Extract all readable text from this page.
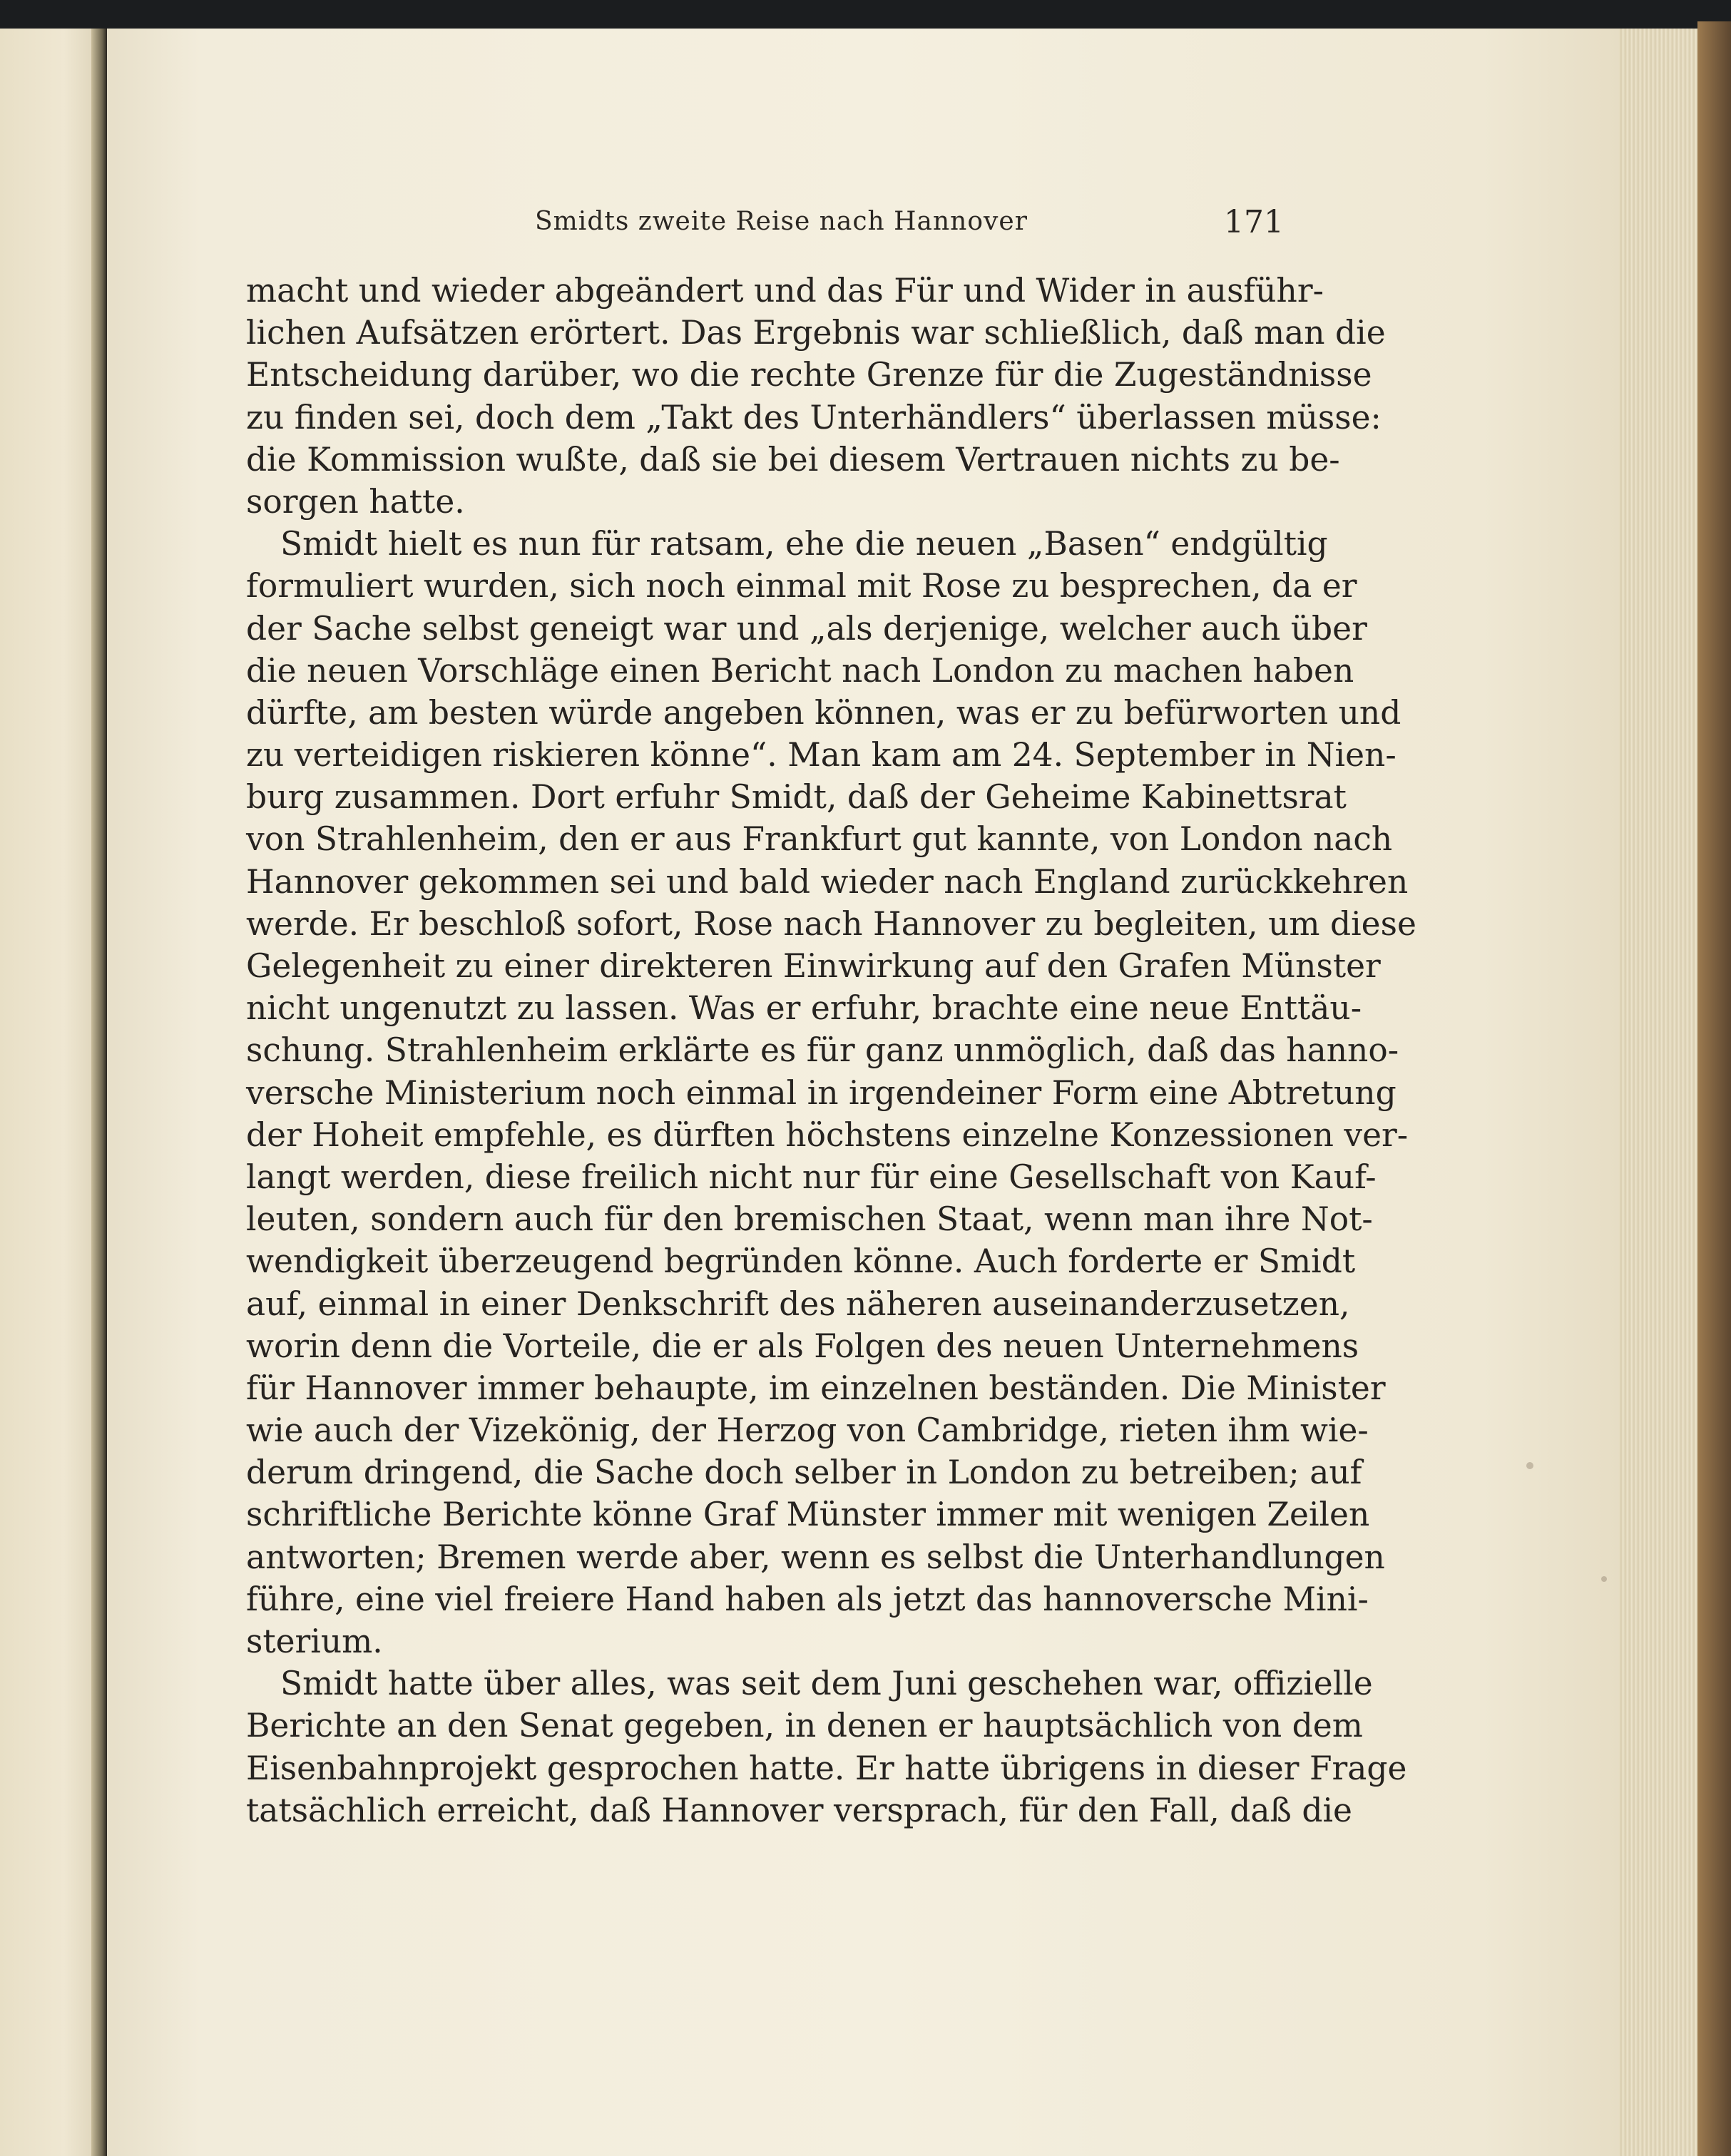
Smidts zweite Reise nach Hannover	171
macht und wieder abgeändert und das Für und Wider in ausführ-
lichen Aufsätzen erörtert. Das Ergebnis war schließlich, daß man die
Entscheidung darüber, wo die rechte Grenze für die Zugeständnisse
zu finden sei, doch dem „Takt des Unterhändlers“ überlassen müsse:
die Kommission wußte, daß sie bei diesem Vertrauen nichts zu be-
sorgen hatte.
Smidt hielt es nun für ratsam, ehe die neuen „Basen“ endgültig
formuliert wurden, sich noch einmal mit Rose zu besprechen, da er
der Sache selbst geneigt war und „als derjenige, welcher auch über
die neuen Vorschläge einen Bericht nach London zu machen haben
dürfte, am besten würde angeben können, was er zu befürworten und
zu verteidigen riskieren könne“. Man kam am 24. September in Nien-
burg zusammen. Dort erfuhr Smidt, daß der Geheime Kabinettsrat
von Strahlenheim, den er aus Frankfurt gut kannte, von London nach
Hannover gekommen sei und bald wieder nach England zurückkehren
werde. Er beschloß sofort, Rose nach Hannover zu begleiten, um diese
Gelegenheit zu einer direkteren Einwirkung auf den Grafen Münster
nicht ungenutzt zu lassen. Was er erfuhr, brachte eine neue Enttäu-
schung. Strahlenheim erklärte es für ganz unmöglich, daß das hanno-
versche Ministerium noch einmal in irgendeiner Form eine Abtretung
der Hoheit empfehle, es dürften höchstens einzelne Konzessionen ver-
langt werden, diese freilich nicht nur für eine Gesellschaft von Kauf-
leuten, sondern auch für den bremischen Staat, wenn man ihre Not-
wendigkeit überzeugend begründen könne. Auch forderte er Smidt
auf, einmal in einer Denkschrift des näheren auseinanderzusetzen,
worin denn die Vorteile, die er als Folgen des neuen Unternehmens
für Hannover immer behaupte, im einzelnen beständen. Die Minister
wie auch der Vizekönig, der Herzog von Cambridge, rieten ihm wie-
derum dringend, die Sache doch selber in London zu betreiben; auf
schriftliche Berichte könne Graf Münster immer mit wenigen Zeilen
antworten; Bremen werde aber, wenn es selbst die Unterhandlungen
führe, eine viel freiere Hand haben als jetzt das hannoversche Mini-
sterium.
Smidt hatte über alles, was seit dem Juni geschehen war, offizielle
Berichte an den Senat gegeben, in denen er hauptsächlich von dem
Eisenbahnprojekt gesprochen hatte. Er hatte übrigens in dieser Frage
tatsächlich erreicht, daß Hannover versprach, für den Fall, daß die
